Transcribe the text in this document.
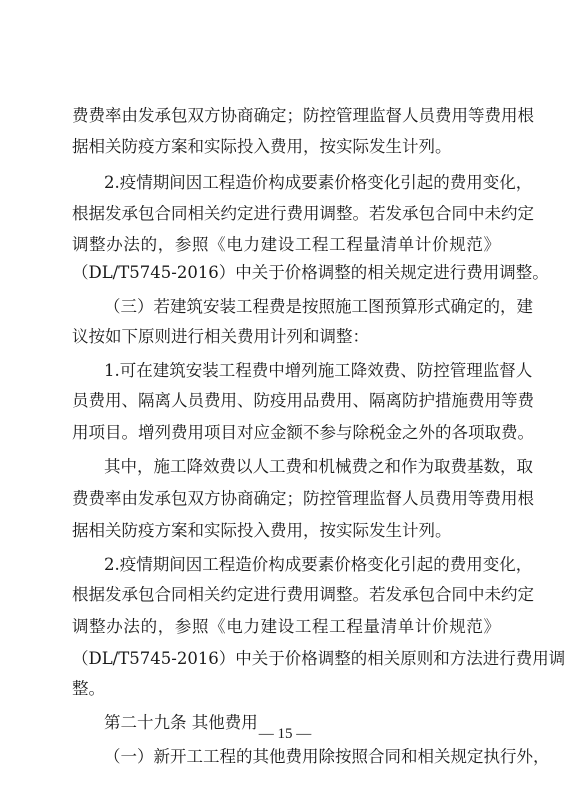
费费率由发承包双方协商确定；防控管理监督人员费用等费用根
据相关防疫方案和实际投入费用，按实际发生计列。
2.疫情期间因工程造价构成要素价格变化引起的费用变化，
根据发承包合同相关约定进行费用调整。若发承包合同中未约定
调整办法的，参照《电力建设工程工程量清单计价规范》
（DL/T5745-2016）中关于价格调整的相关规定进行费用调整。
（三）若建筑安装工程费是按照施工图预算形式确定的，建
议按如下原则进行相关费用计列和调整：
1.可在建筑安装工程费中增列施工降效费、防控管理监督人
员费用、隔离人员费用、防疫用品费用、隔离防护措施费用等费
用项目。增列费用项目对应金额不参与除税金之外的各项取费。
其中，施工降效费以人工费和机械费之和作为取费基数，取
费费率由发承包双方协商确定；防控管理监督人员费用等费用根
据相关防疫方案和实际投入费用，按实际发生计列。
2.疫情期间因工程造价构成要素价格变化引起的费用变化，
根据发承包合同相关约定进行费用调整。若发承包合同中未约定
调整办法的，参照《电力建设工程工程量清单计价规范》
（DL/T5745-2016）中关于价格调整的相关原则和方法进行费用调
整。
第二十九条 其他费用
（一）新开工工程的其他费用除按照合同和相关规定执行外，
— 15 —
